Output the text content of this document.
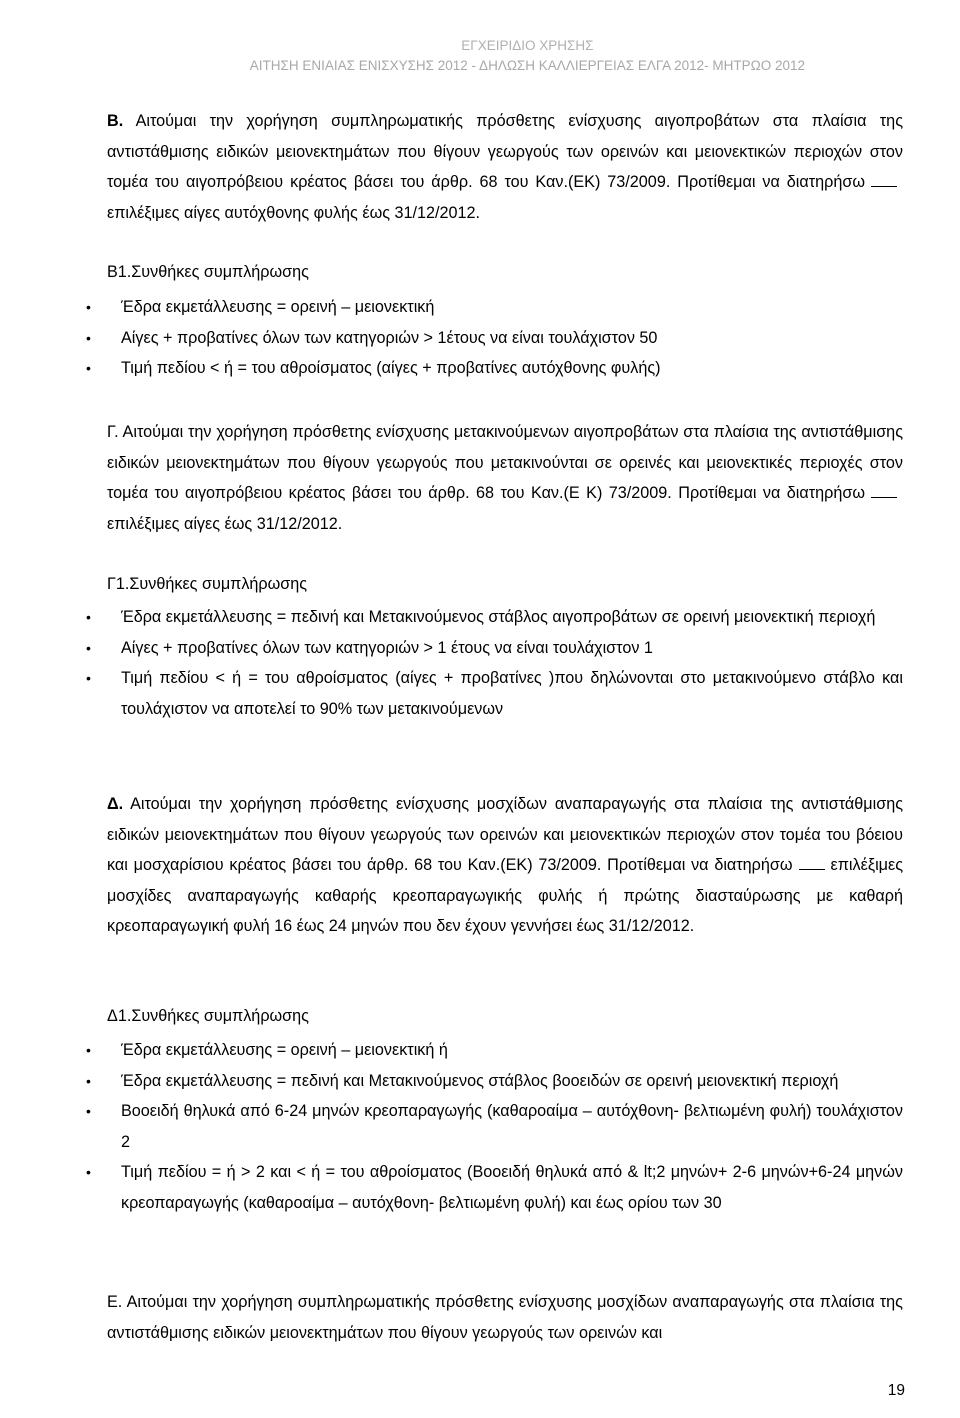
ΕΓΧΕΙΡΙΔΙΟ ΧΡΗΣΗΣ
ΑΙΤΗΣΗ ΕΝΙΑΙΑΣ ΕΝΙΣΧΥΣΗΣ 2012 - ΔΗΛΩΣΗ ΚΑΛΛΙΕΡΓΕΙΑΣ ΕΛΓΑ 2012- ΜΗΤΡΩΟ 2012

Β. Αιτούμαι την χορήγηση συμπληρωματικής πρόσθετης ενίσχυσης αιγοπροβάτων στα πλαίσια της αντιστάθμισης ειδικών μειονεκτημάτων που θίγουν γεωργούς των ορεινών και μειονεκτικών περιοχών στον τομέα του αιγοπρόβειου κρέατος βάσει του άρθρ. 68 του Καν.(ΕΚ) 73/2009. Προτίθεμαι να διατηρήσωεπιλέξιμες αίγες αυτόχθονης φυλής έως 31/12/2012.

Β1.Συνθήκες συμπλήρωσης
• Έδρα εκμετάλλευσης = ορεινή – μειονεκτική
• Αίγες + προβατίνες όλων των κατηγοριών > 1έτους να είναι τουλάχιστον 50
• Τιμή πεδίου < ή = του αθροίσματος (αίγες + προβατίνες αυτόχθονης φυλής)

Γ. Αιτούμαι την χορήγηση πρόσθετης ενίσχυσης μετακινούμενων αιγοπροβάτων στα πλαίσια της αντιστάθμισης ειδικών μειονεκτημάτων που θίγουν γεωργούς που μετακινούνται σε ορεινές και μειονεκτικές περιοχές στον τομέα του αιγοπρόβειου κρέατος βάσει του άρθρ. 68 του Καν.(Ε Κ) 73/2009. Προτίθεμαι να διατηρήσωεπιλέξιμες αίγες έως 31/12/2012.

Γ1.Συνθήκες συμπλήρωσης
• Έδρα εκμετάλλευσης = πεδινή και Μετακινούμενος στάβλος αιγοπροβάτων σε ορεινή μειονεκτική περιοχή
• Αίγες + προβατίνες όλων των κατηγοριών > 1 έτους να είναι τουλάχιστον 1
• Τιμή πεδίου < ή = του αθροίσματος (αίγες + προβατίνες )που δηλώνονται στο μετακινούμενο στάβλο και τουλάχιστον να αποτελεί το 90% των μετακινούμενων

Δ. Αιτούμαι την χορήγηση πρόσθετης ενίσχυσης μοσχίδων αναπαραγωγής στα πλαίσια της αντιστάθμισης ειδικών μειονεκτημάτων που θίγουν γεωργούς των ορεινών και μειονεκτικών περιοχών στον τομέα του βόειου και μοσχαρίσιου κρέατος βάσει του άρθρ. 68 του Καν.(ΕΚ) 73/2009. Προτίθεμαι να διατηρήσω επιλέξιμες μοσχίδες αναπαραγωγής καθαρής κρεοπαραγωγικής φυλής ή πρώτης διασταύρωσης με καθαρή κρεοπαραγωγική φυλή 16 έως 24 μηνών που δεν έχουν γεννήσει έως 31/12/2012.

Δ1.Συνθήκες συμπλήρωσης
• Έδρα εκμετάλλευσης = ορεινή – μειονεκτική ή
• Έδρα εκμετάλλευσης = πεδινή και Μετακινούμενος στάβλος βοοειδών σε ορεινή μειονεκτική περιοχή
• Βοοειδή θηλυκά από 6-24 μηνών κρεοπαραγωγής (καθαροαίμα – αυτόχθονη- βελτιωμένη φυλή) τουλάχιστον 2
• Τιμή πεδίου = ή > 2 και < ή = του αθροίσματος (Βοοειδή θηλυκά από & lt;2 μηνών+ 2-6 μηνών+6-24 μηνών κρεοπαραγωγής (καθαροαίμα – αυτόχθονη- βελτιωμένη φυλή) και έως ορίου των 30

Ε. Αιτούμαι την χορήγηση συμπληρωματικής πρόσθετης ενίσχυσης μοσχίδων αναπαραγωγής στα πλαίσια της αντιστάθμισης ειδικών μειονεκτημάτων που θίγουν γεωργούς των ορεινών και

19
